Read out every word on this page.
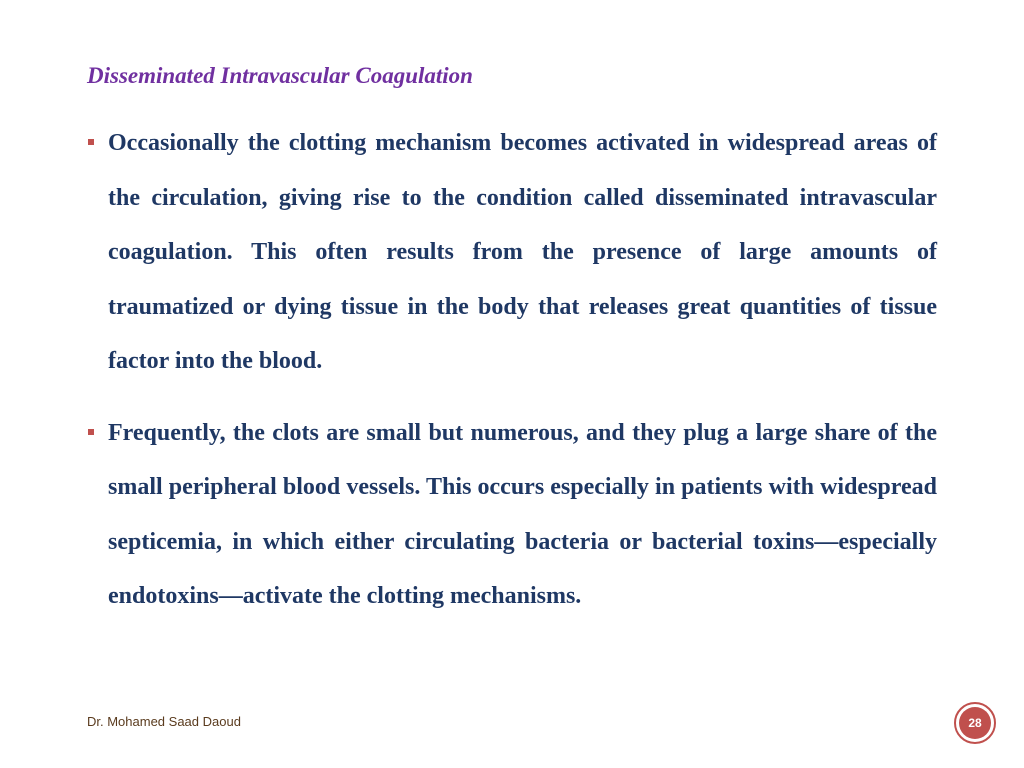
Disseminated Intravascular Coagulation
Occasionally the clotting mechanism becomes activated in widespread areas of the circulation, giving rise to the condition called disseminated intravascular coagulation. This often results from the presence of large amounts of traumatized or dying tissue in the body that releases great quantities of tissue factor into the blood.
Frequently, the clots are small but numerous, and they plug a large share of the small peripheral blood vessels. This occurs especially in patients with widespread septicemia, in which either circulating bacteria or bacterial toxins—especially endotoxins—activate the clotting mechanisms.
Dr. Mohamed Saad Daoud	28
